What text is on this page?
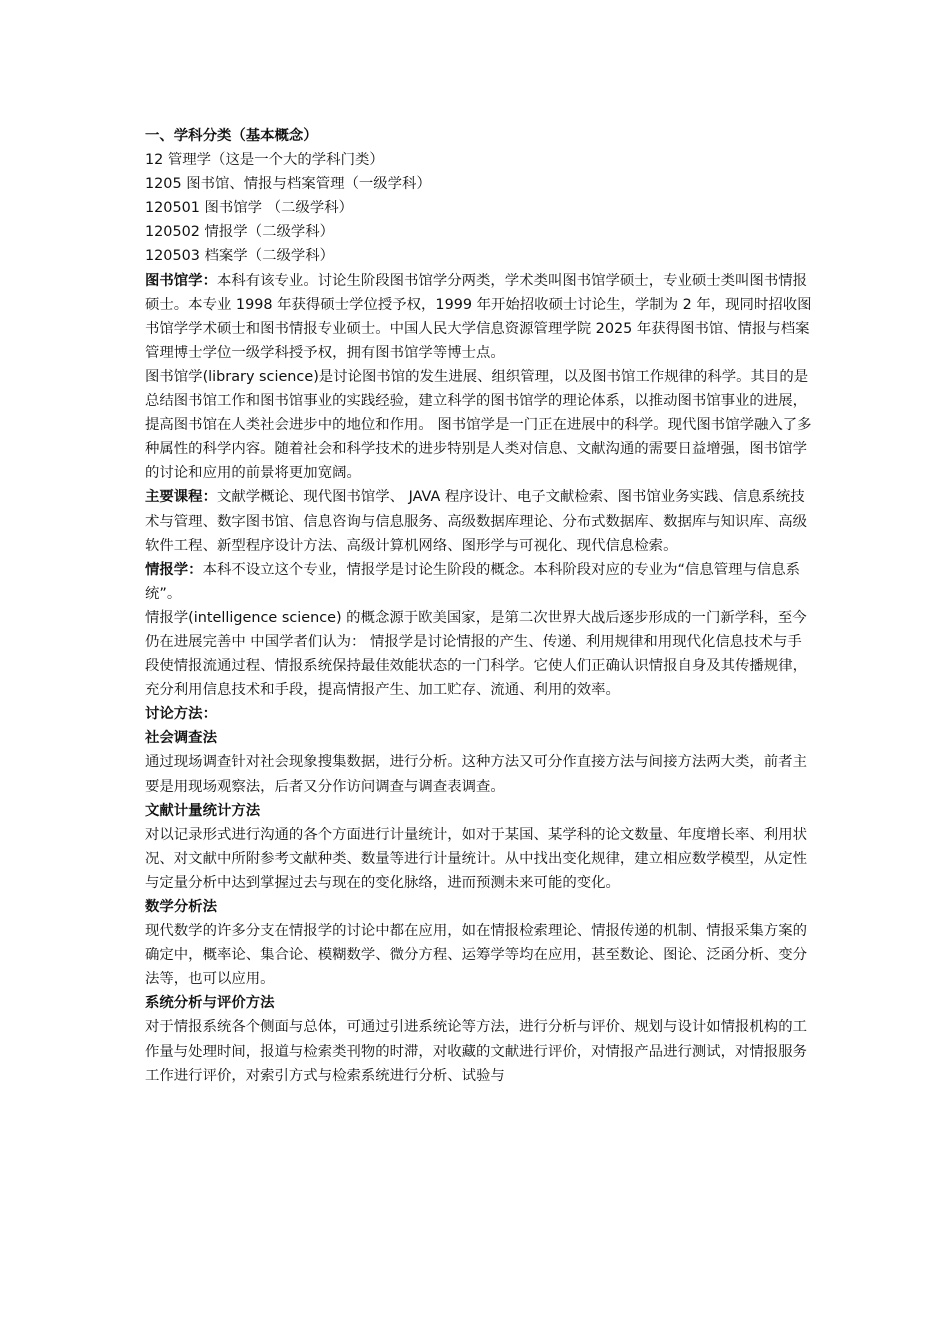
一、学科分类（基本概念）

12 管理学（这是一个大的学科门类）

1205 图书馆、情报与档案管理（一级学科）

120501 图书馆学 （二级学科）

120502 情报学（二级学科）

120503 档案学（二级学科）

图书馆学：本科有该专业。讨论生阶段图书馆学分两类，学术类叫图书馆学硕士，专业硕士类叫图书情报硕士。本专业 1998 年获得硕士学位授予权，1999 年开始招收硕士讨论生，学制为 2 年，现同时招收图书馆学学术硕士和图书情报专业硕士。中国人民大学信息资源管理学院 2025 年获得图书馆、情报与档案管理博士学位一级学科授予权，拥有图书馆学等博士点。

图书馆学(library science)是讨论图书馆的发生进展、组织管理，以及图书馆工作规律的科学。其目的是总结图书馆工作和图书馆事业的实践经验，建立科学的图书馆学的理论体系，以推动图书馆事业的进展，提高图书馆在人类社会进步中的地位和作用。 图书馆学是一门正在进展中的科学。现代图书馆学融入了多种属性的科学内容。随着社会和科学技术的进步特别是人类对信息、文献沟通的需要日益增强，图书馆学的讨论和应用的前景将更加宽阔。

主要课程：文献学概论、现代图书馆学、 JAVA 程序设计、电子文献检索、图书馆业务实践、信息系统技术与管理、数字图书馆、信息咨询与信息服务、高级数据库理论、分布式数据库、数据库与知识库、高级软件工程、新型程序设计方法、高级计算机网络、图形学与可视化、现代信息检索。

情报学：本科不设立这个专业，情报学是讨论生阶段的概念。本科阶段对应的专业为“信息管理与信息系统”。

情报学(intelligence science) 的概念源于欧美国家，是第二次世界大战后逐步形成的一门新学科，至今仍在进展完善中 中国学者们认为： 情报学是讨论情报的产生、传递、利用规律和用现代化信息技术与手段使情报流通过程、情报系统保持最佳效能状态的一门科学。它使人们正确认识情报自身及其传播规律，充分利用信息技术和手段，提高情报产生、加工贮存、流通、利用的效率。

讨论方法：

社会调查法

通过现场调查针对社会现象搜集数据，进行分析。这种方法又可分作直接方法与间接方法两大类，前者主要是用现场观察法，后者又分作访问调查与调查表调查。

文献计量统计方法

对以记录形式进行沟通的各个方面进行计量统计，如对于某国、某学科的论文数量、年度增长率、利用状况、对文献中所附参考文献种类、数量等进行计量统计。从中找出变化规律，建立相应数学模型，从定性与定量分析中达到掌握过去与现在的变化脉络，进而预测未来可能的变化。

数学分析法

现代数学的许多分支在情报学的讨论中都在应用，如在情报检索理论、情报传递的机制、情报采集方案的确定中，概率论、集合论、模糊数学、微分方程、运筹学等均在应用，甚至数论、图论、泛函分析、变分法等，也可以应用。

系统分析与评价方法

对于情报系统各个侧面与总体，可通过引进系统论等方法，进行分析与评价、规划与设计如情报机构的工作量与处理时间，报道与检索类刊物的时滞，对收藏的文献进行评价，对情报产品进行测试，对情报服务工作进行评价，对索引方式与检索系统进行分析、试验与
